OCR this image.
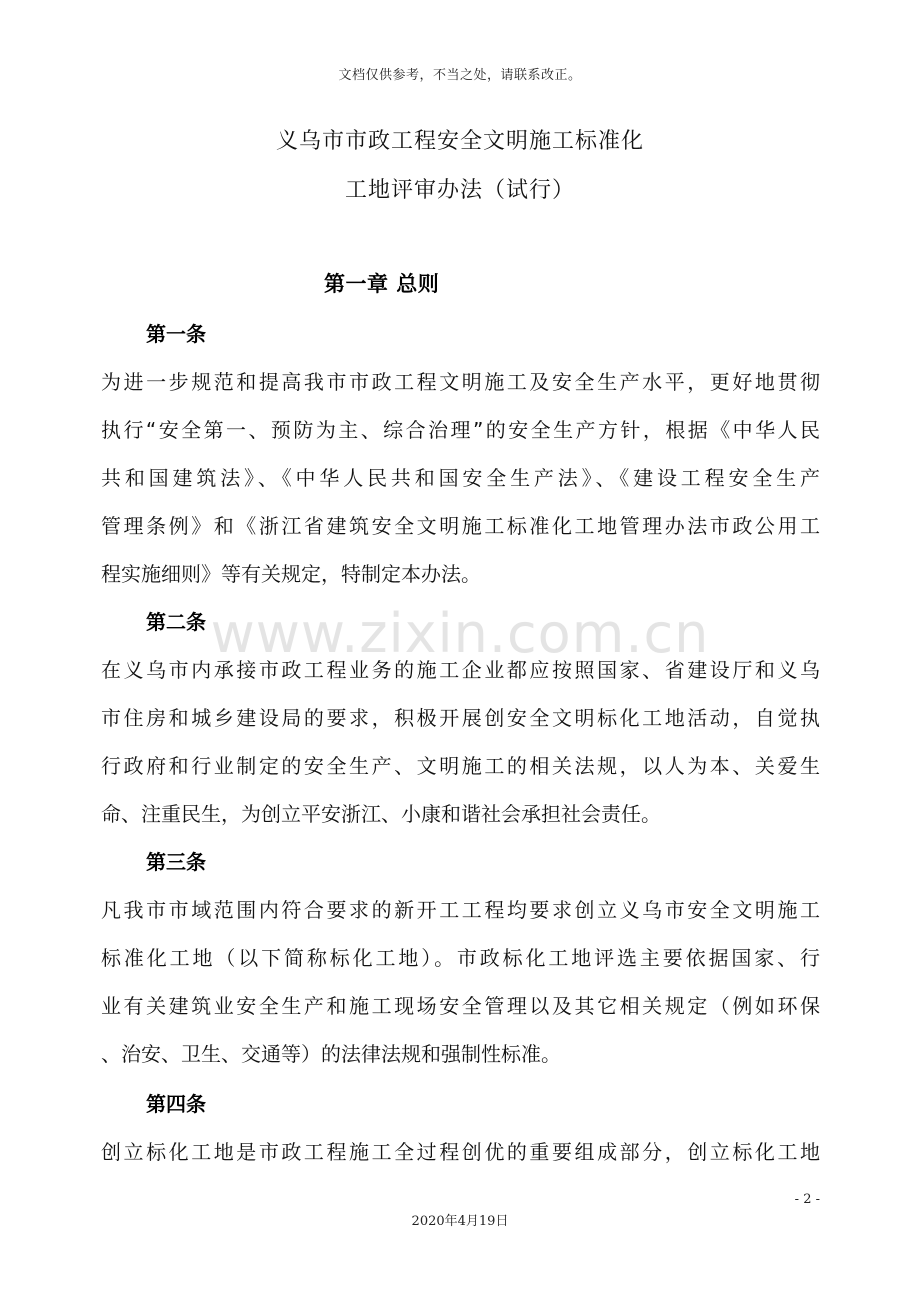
文档仅供参考，不当之处，请联系改正。
义乌市市政工程安全文明施工标准化
工地评审办法（试行）
第一章 总则
第一条
为进一步规范和提高我市市政工程文明施工及安全生产水平，更好地贯彻
执行“安全第一、预防为主、综合治理”的安全生产方针，根据《中华人民
共和国建筑法》、《中华人民共和国安全生产法》、《建设工程安全生产
管理条例》和《浙江省建筑安全文明施工标准化工地管理办法市政公用工
程实施细则》等有关规定，特制定本办法。
www.zixin.com.cn
第二条
在义乌市内承接市政工程业务的施工企业都应按照国家、省建设厅和义乌
市住房和城乡建设局的要求，积极开展创安全文明标化工地活动，自觉执
行政府和行业制定的安全生产、文明施工的相关法规，以人为本、关爱生
命、注重民生，为创立平安浙江、小康和谐社会承担社会责任。
第三条
凡我市市域范围内符合要求的新开工工程均要求创立义乌市安全文明施工
标准化工地（以下简称标化工地）。市政标化工地评选主要依据国家、行
业有关建筑业安全生产和施工现场安全管理以及其它相关规定（例如环保
、治安、卫生、交通等）的法律法规和强制性标准。
第四条
创立标化工地是市政工程施工全过程创优的重要组成部分，创立标化工地
- 2 -
2020年4月19日
